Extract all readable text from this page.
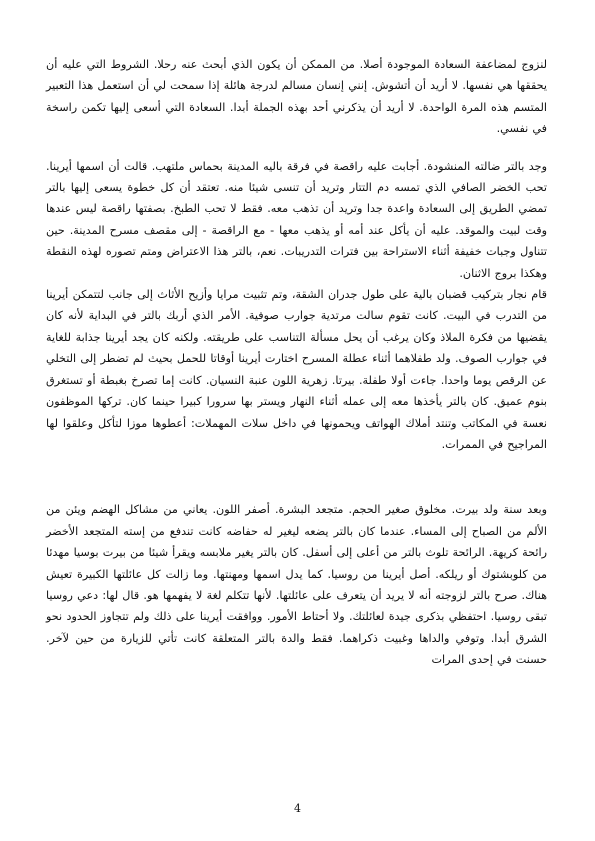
لنزوج لمضاعفة السعادة الموجودة أصلا. من الممكن أن يكون الذي أبحث عنه رحلا. الشروط التي عليه أن يحققها هي نفسها. لا أريد أن أتشوش. إنني إنسان مسالم لدرجة هائلة إذا سمحت لي أن استعمل هذا التعبير المتسم هذه المرة الواحدة. لا أريد أن يذكرني أحد بهذه الجملة أبدا. السعادة التي أسعى إليها تكمن راسخة في نفسي.

وجد بالتر ضالته المنشودة. أجابت عليه راقصة في فرقة باليه المدينة بحماس ملتهب. قالت أن اسمها أيرينا. تحب الخضر الصافي الذي تمسه دم التتار وتريد أن تنسى شيئا منه. تعتقد أن كل خطوة يسعى إليها بالتر تمضي الطريق إلى السعادة واعدة جدا وتريد أن تذهب معه. فقط لا تحب الطبخ. بصفتها راقصة ليس عندها وقت لبيت والموقد. عليه أن يأكل عند أمه أو يذهب معها - مع الراقصة - إلى مقصف مسرح المدينة. حين تتناول وجبات خفيفة أثناء الاستراحة بين فترات التدريبات. نعم، بالتر هذا الاعتراض ومتم تصوره لهذه النقطة وهكذا بروج الاثنان.

قام نجار بتركيب قضبان بالية على طول جدران الشقة، وتم تثبيت مرايا وأزيح الأثاث إلى جانب لتتمكن أيرينا من التدرب في البيت. كانت تقوم سالت مرتدية جوارب صوفية. الأمر الذي أربك بالتر في البداية لأنه كان يقضيها من فكرة الملاذ وكان يرغب أن يحل مسألة التناسب على طريقته. ولكنه كان يجد أيرينا جذابة للغاية في جوارب الصوف. ولد طفلاهما أثناء عطلة المسرح اختارت أيرينا أوقاتا للحمل بحيث لم تضطر إلى التخلي عن الرقص يوما واحدا. جاءت أولا طفلة. بيرتا. زهرية اللون عنبة النسيان. كانت إما تصرخ بغبطة أو تستغرق بنوم عميق. كان بالتر يأخذها معه إلى عمله أثناء النهار ويستر بها سرورا كبيرا حينما كان. تركها الموظفون نعسة في المكاتب وتنتد أملاك الهواتف ويحمونها في داخل سلات المهملات: أعطوها موزا لتأكل وعلقوا لها المراجيح في الممرات.

وبعد سنة ولد بيرت. مخلوق صغير الحجم. متجعد البشرة. أصفر اللون. يعاني من مشاكل الهضم ويئن من الألم من الصباح إلى المساء. عندما كان بالتر يضعه ليغير له حفاضه كانت تندفع من إسته المتجعد الأخضر رائحة كريهة. الرائحة تلوث بالتر من أعلى إلى أسفل. كان بالتر يغير ملابسه ويقرأ شيئا من بيرت بوسيا مهدئا من كلوبشتوك أو ريلكه. أصل أيرينا من روسيا. كما يدل اسمها ومهنتها. وما زالت كل عائلتها الكبيرة تعيش هناك. صرح بالتر لزوجته أنه لا يريد أن يتعرف على عائلتها. لأنها تتكلم لغة لا يفهمها هو. قال لها: دعي روسيا تبقى روسيا. احتفظي بذكرى جيدة لعائلتك. ولا أحتاط الأمور. ووافقت أيرينا على ذلك ولم تتجاوز الحدود نحو الشرق أبدا. وتوفي والداها وغبيت ذكراهما. فقط والدة بالتر المتعلقة كانت تأتي للزيارة من حين لآخر. حسنت في إحدى المرات

4
